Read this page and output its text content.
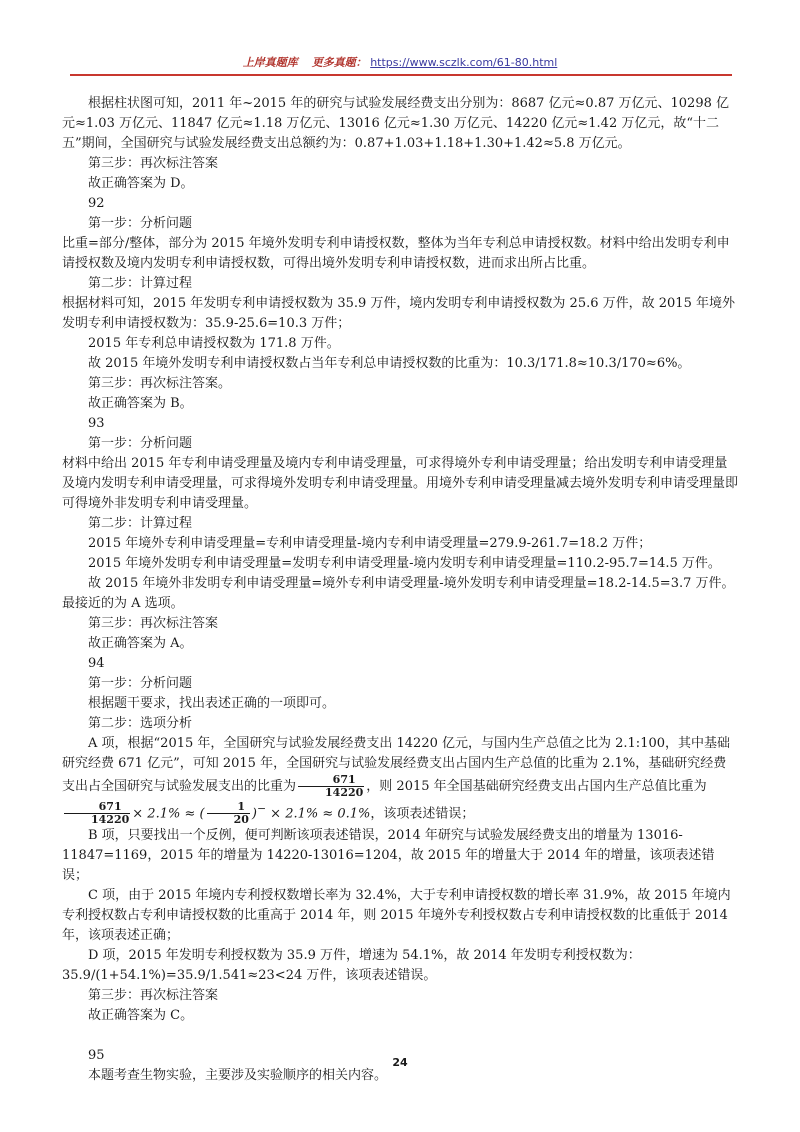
上岸真题库 更多真题： https://www.sczlk.com/61-80.html

根据柱状图可知，2011 年~2015 年的研究与试验发展经费支出分别为：8687 亿元≈0.87 万亿元、10298 亿元≈1.03 万亿元、11847 亿元≈1.18 万亿元、13016 亿元≈1.30 万亿元、14220 亿元≈1.42 万亿元，故“十二五”期间，全国研究与试验发展经费支出总额约为：0.87+1.03+1.18+1.30+1.42≈5.8 万亿元。

第三步：再次标注答案

故正确答案为 D。

92

第一步：分析问题

比重=部分/整体，部分为 2015 年境外发明专利申请授权数，整体为当年专利总申请授权数。材料中给出发明专利申请授权数及境内发明专利申请授权数，可得出境外发明专利申请授权数，进而求出所占比重。

第二步：计算过程

根据材料可知，2015 年发明专利申请授权数为 35.9 万件，境内发明专利申请授权数为 25.6 万件，故 2015 年境外发明专利申请授权数为：35.9-25.6=10.3 万件；

2015 年专利总申请授权数为 171.8 万件。

故 2015 年境外发明专利申请授权数占当年专利总申请授权数的比重为：10.3/171.8≈10.3/170≈6%。

第三步：再次标注答案。

故正确答案为 B。

93

第一步：分析问题

材料中给出 2015 年专利申请受理量及境内专利申请受理量，可求得境外专利申请受理量；给出发明专利申请受理量及境内发明专利申请受理量，可求得境外发明专利申请受理量。用境外专利申请受理量减去境外发明专利申请受理量即可得境外非发明专利申请受理量。

第二步：计算过程

2015 年境外专利申请受理量=专利申请受理量-境内专利申请受理量=279.9-261.7=18.2 万件；

2015 年境外发明专利申请受理量=发明专利申请受理量-境内发明专利申请受理量=110.2-95.7=14.5 万件。

故 2015 年境外非发明专利申请受理量=境外专利申请受理量-境外发明专利申请受理量=18.2-14.5=3.7 万件。最接近的为 A 选项。

第三步：再次标注答案

故正确答案为 A。

94

第一步：分析问题

根据题干要求，找出表述正确的一项即可。

第二步：选项分析

A 项，根据“2015 年，全国研究与试验发展经费支出 14220 亿元，与国内生产总值之比为 2.1:100，其中基础研究经费 671 亿元”，可知 2015 年，全国研究与试验发展经费支出占国内生产总值的比重为 2.1%，基础研究经费支出占全国研究与试验发展支出的比重为 $\frac{671}{14220}$ ，则 2015 年全国基础研究经费支出占国内生产总值比重为
$\frac{671}{14220} \times 2.1\%$ ≈ ( $\frac{1}{20} )^- \times 2.1\% \approx 0.1\%$，该项表述错误；

B 项，只要找出一个反例，便可判断该项表述错误，2014 年研究与试验发展经费支出的增量为 13016-11847=1169，2015 年的增量为 14220-13016=1204，故 2015 年的增量大于 2014 年的增量，该项表述错误；

C 项，由于 2015 年境内专利授权数增长率为 32.4%，大于专利申请授权数的增长率 31.9%，故 2015 年境内专利授权数占专利申请授权数的比重高于 2014 年，则 2015 年境外专利授权数占专利申请授权数的比重低于 2014 年，该项表述正确；

D 项，2015 年发明专利授权数为 35.9 万件，增速为 54.1%，故 2014 年发明专利授权数为：35.9/(1+54.1%)=35.9/1.541≈23<24 万件，该项表述错误。

第三步：再次标注答案

故正确答案为 C。

95

本题考查生物实验，主要涉及实验顺序的相关内容。

24
